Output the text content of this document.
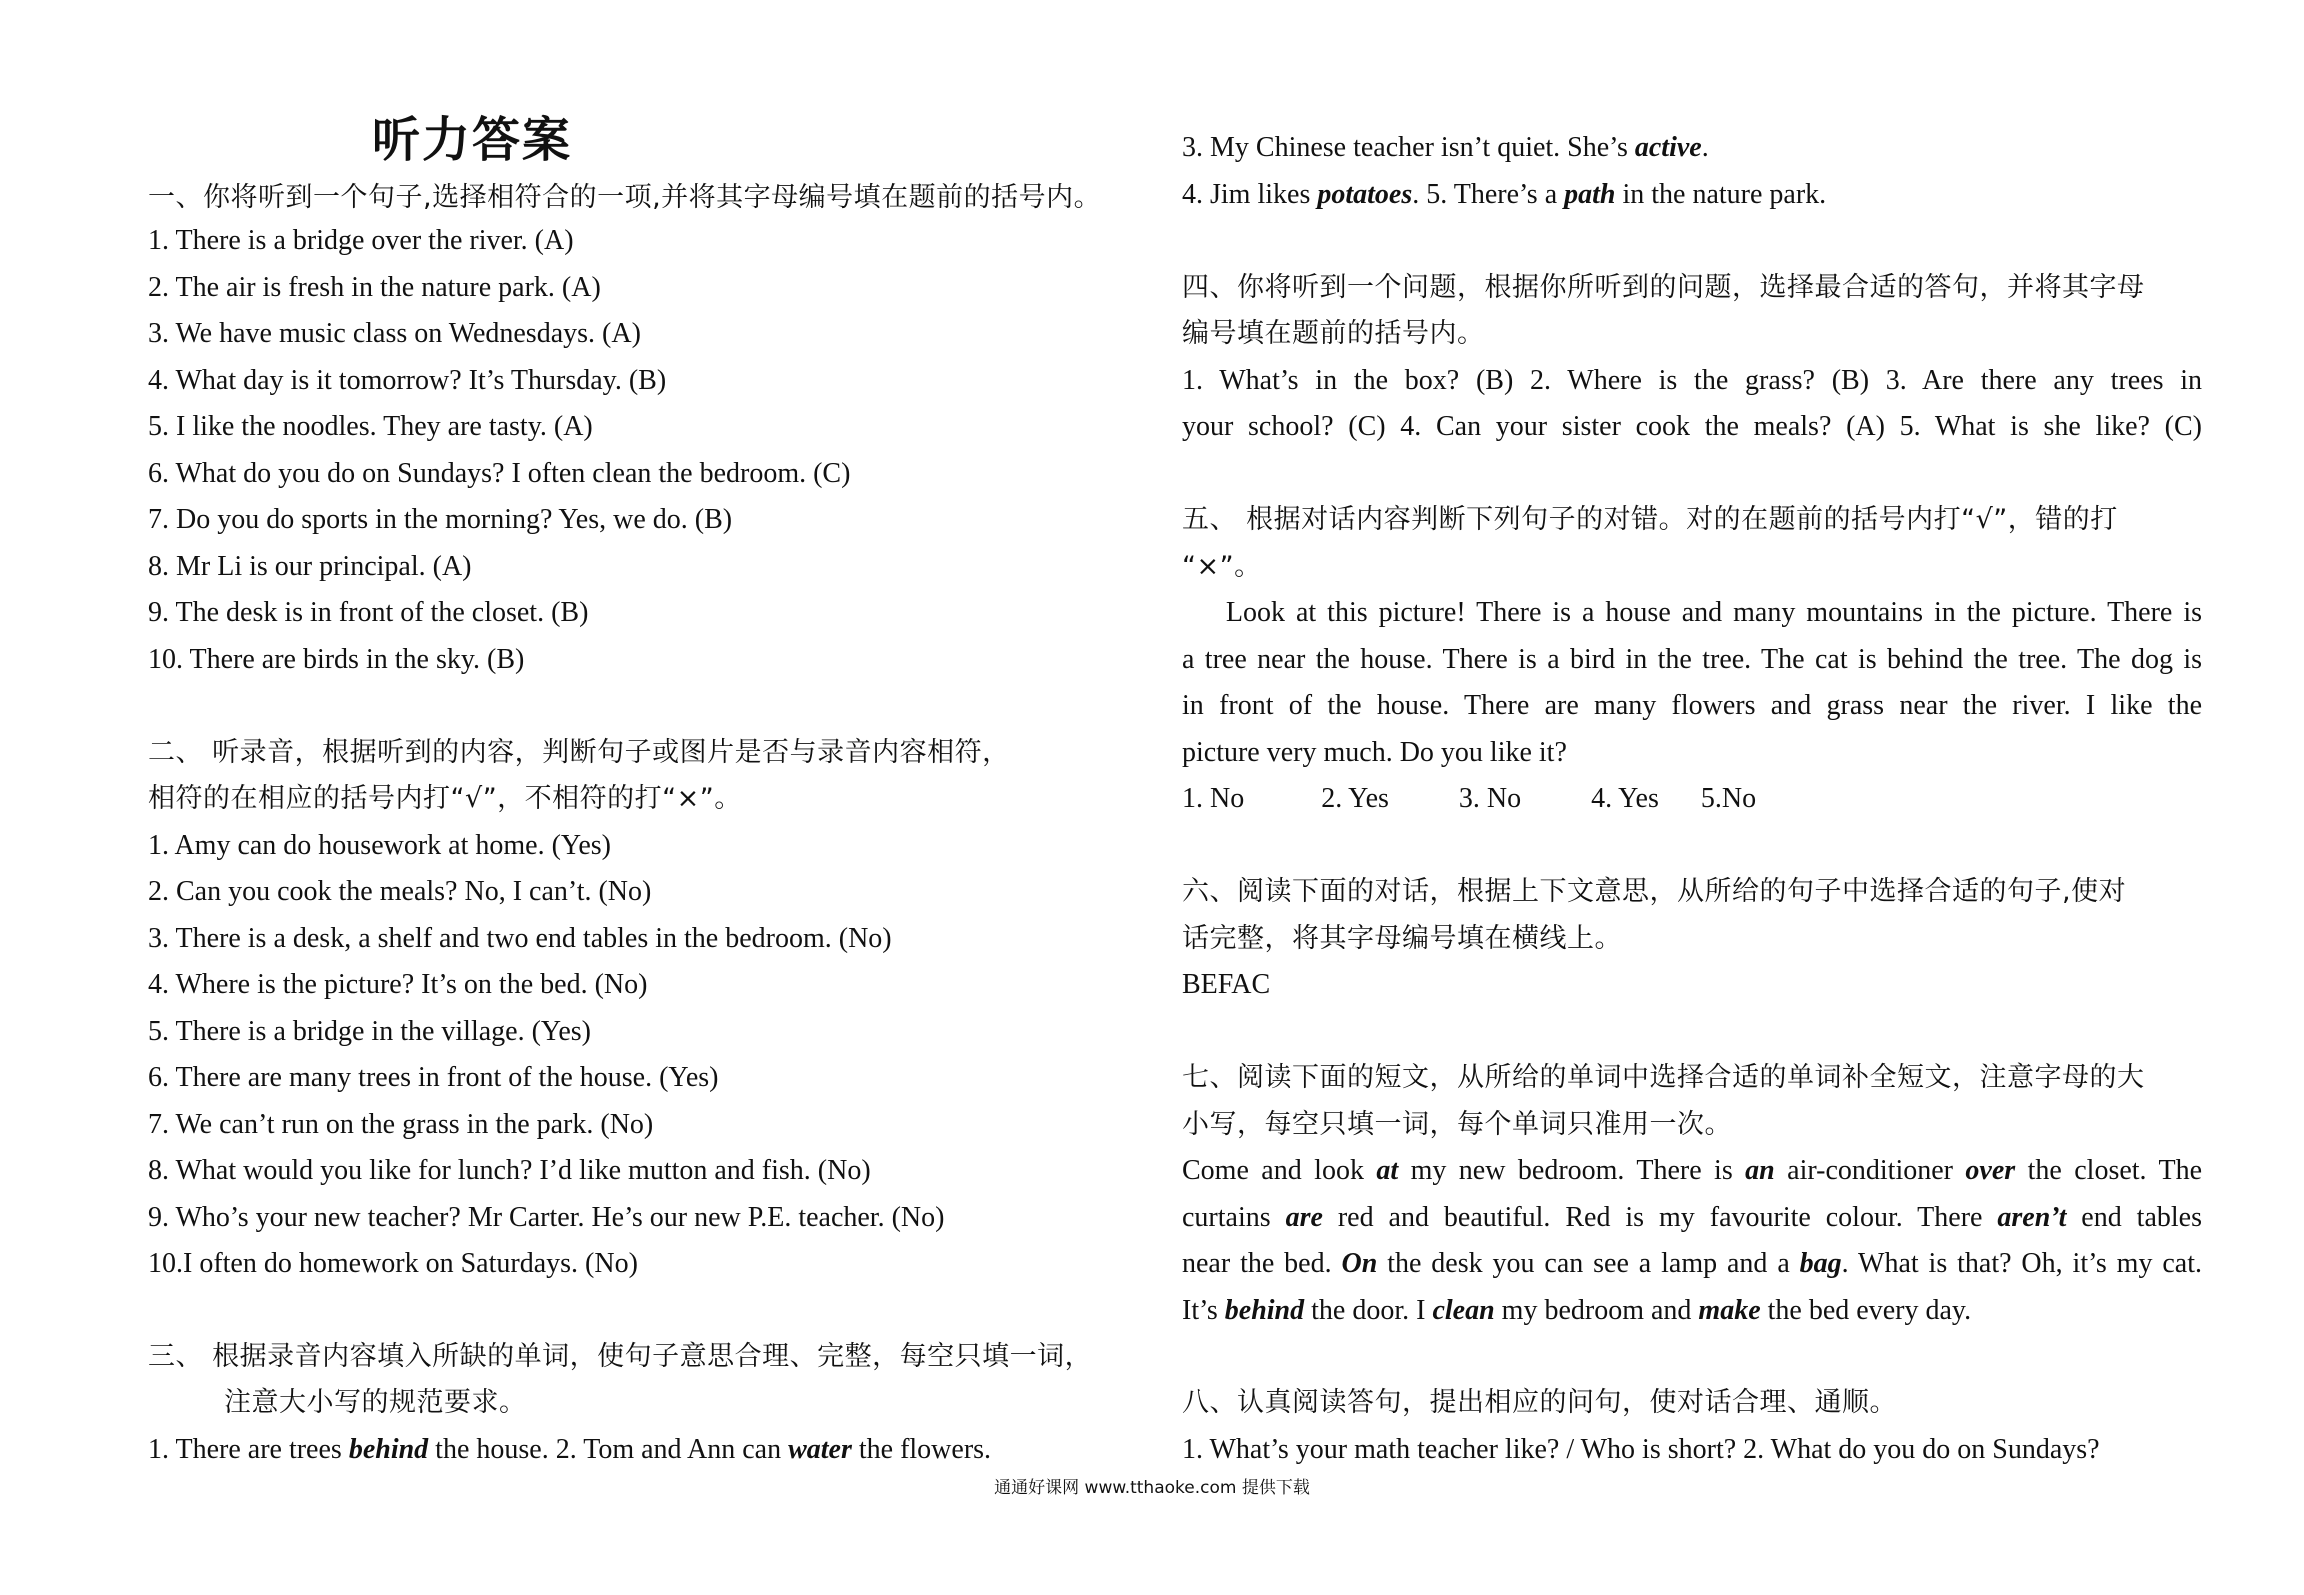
听力答案
一、你将听到一个句子,选择相符合的一项,并将其字母编号填在题前的括号内。
1. There is a bridge over the river. (A)
2. The air is fresh in the nature park. (A)
3. We have music class on Wednesdays. (A)
4. What day is it tomorrow? It’s Thursday. (B)
5. I like the noodles. They are tasty. (A)
6. What do you do on Sundays? I often clean the bedroom. (C)
7. Do you do sports in the morning? Yes, we do. (B)
8. Mr Li is our principal. (A)
9. The desk is in front of the closet. (B)
10. There are birds in the sky. (B)
二、 听录音，根据听到的内容，判断句子或图片是否与录音内容相符，
相符的在相应的括号内打“√”，不相符的打“×”。
1. Amy can do housework at home. (Yes)
2. Can you cook the meals? No, I can’t. (No)
3. There is a desk, a shelf and two end tables in the bedroom. (No)
4. Where is the picture? It’s on the bed. (No)
5. There is a bridge in the village. (Yes)
6. There are many trees in front of the house. (Yes)
7. We can’t run on the grass in the park. (No)
8. What would you like for lunch? I’d like mutton and fish. (No)
9. Who’s your new teacher? Mr Carter. He’s our new P.E. teacher. (No)
10.I often do homework on Saturdays. (No)
三、 根据录音内容填入所缺的单词，使句子意思合理、完整，每空只填一词，
注意大小写的规范要求。
1. There are trees behind the house. 2. Tom and Ann can water the flowers.
3. My Chinese teacher isn’t quiet. She’s active.
4. Jim likes potatoes. 5. There’s a path in the nature park.
四、你将听到一个问题，根据你所听到的问题，选择最合适的答句，并将其字母
编号填在题前的括号内。
1. What’s in the box? (B) 2. Where is the grass? (B) 3. Are there any trees in
your school? (C) 4. Can your sister cook the meals? (A) 5. What is she like? (C)
五、 根据对话内容判断下列句子的对错。对的在题前的括号内打“√”，错的打
“×”。
Look at this picture! There is a house and many mountains in the picture. There is
a tree near the house. There is a bird in the tree. The cat is behind the tree. The dog is
in front of the house. There are many flowers and grass near the river. I like the
picture very much. Do you like it?
1. No           2. Yes          3. No          4. Yes      5.No
六、阅读下面的对话，根据上下文意思，从所给的句子中选择合适的句子,使对
话完整，将其字母编号填在横线上。
BEFAC
七、阅读下面的短文，从所给的单词中选择合适的单词补全短文，注意字母的大
小写，每空只填一词，每个单词只准用一次。
Come and look at my new bedroom. There is an air-conditioner over the closet. The
curtains are red and beautiful. Red is my favourite colour. There aren’t end tables
near the bed. On the desk you can see a lamp and a bag. What is that? Oh, it’s my cat.
It’s behind the door. I clean my bedroom and make the bed every day.
八、认真阅读答句，提出相应的问句，使对话合理、通顺。
1. What’s your math teacher like? / Who is short? 2. What do you do on Sundays?
通通好课网 www.tthaoke.com 提供下载
